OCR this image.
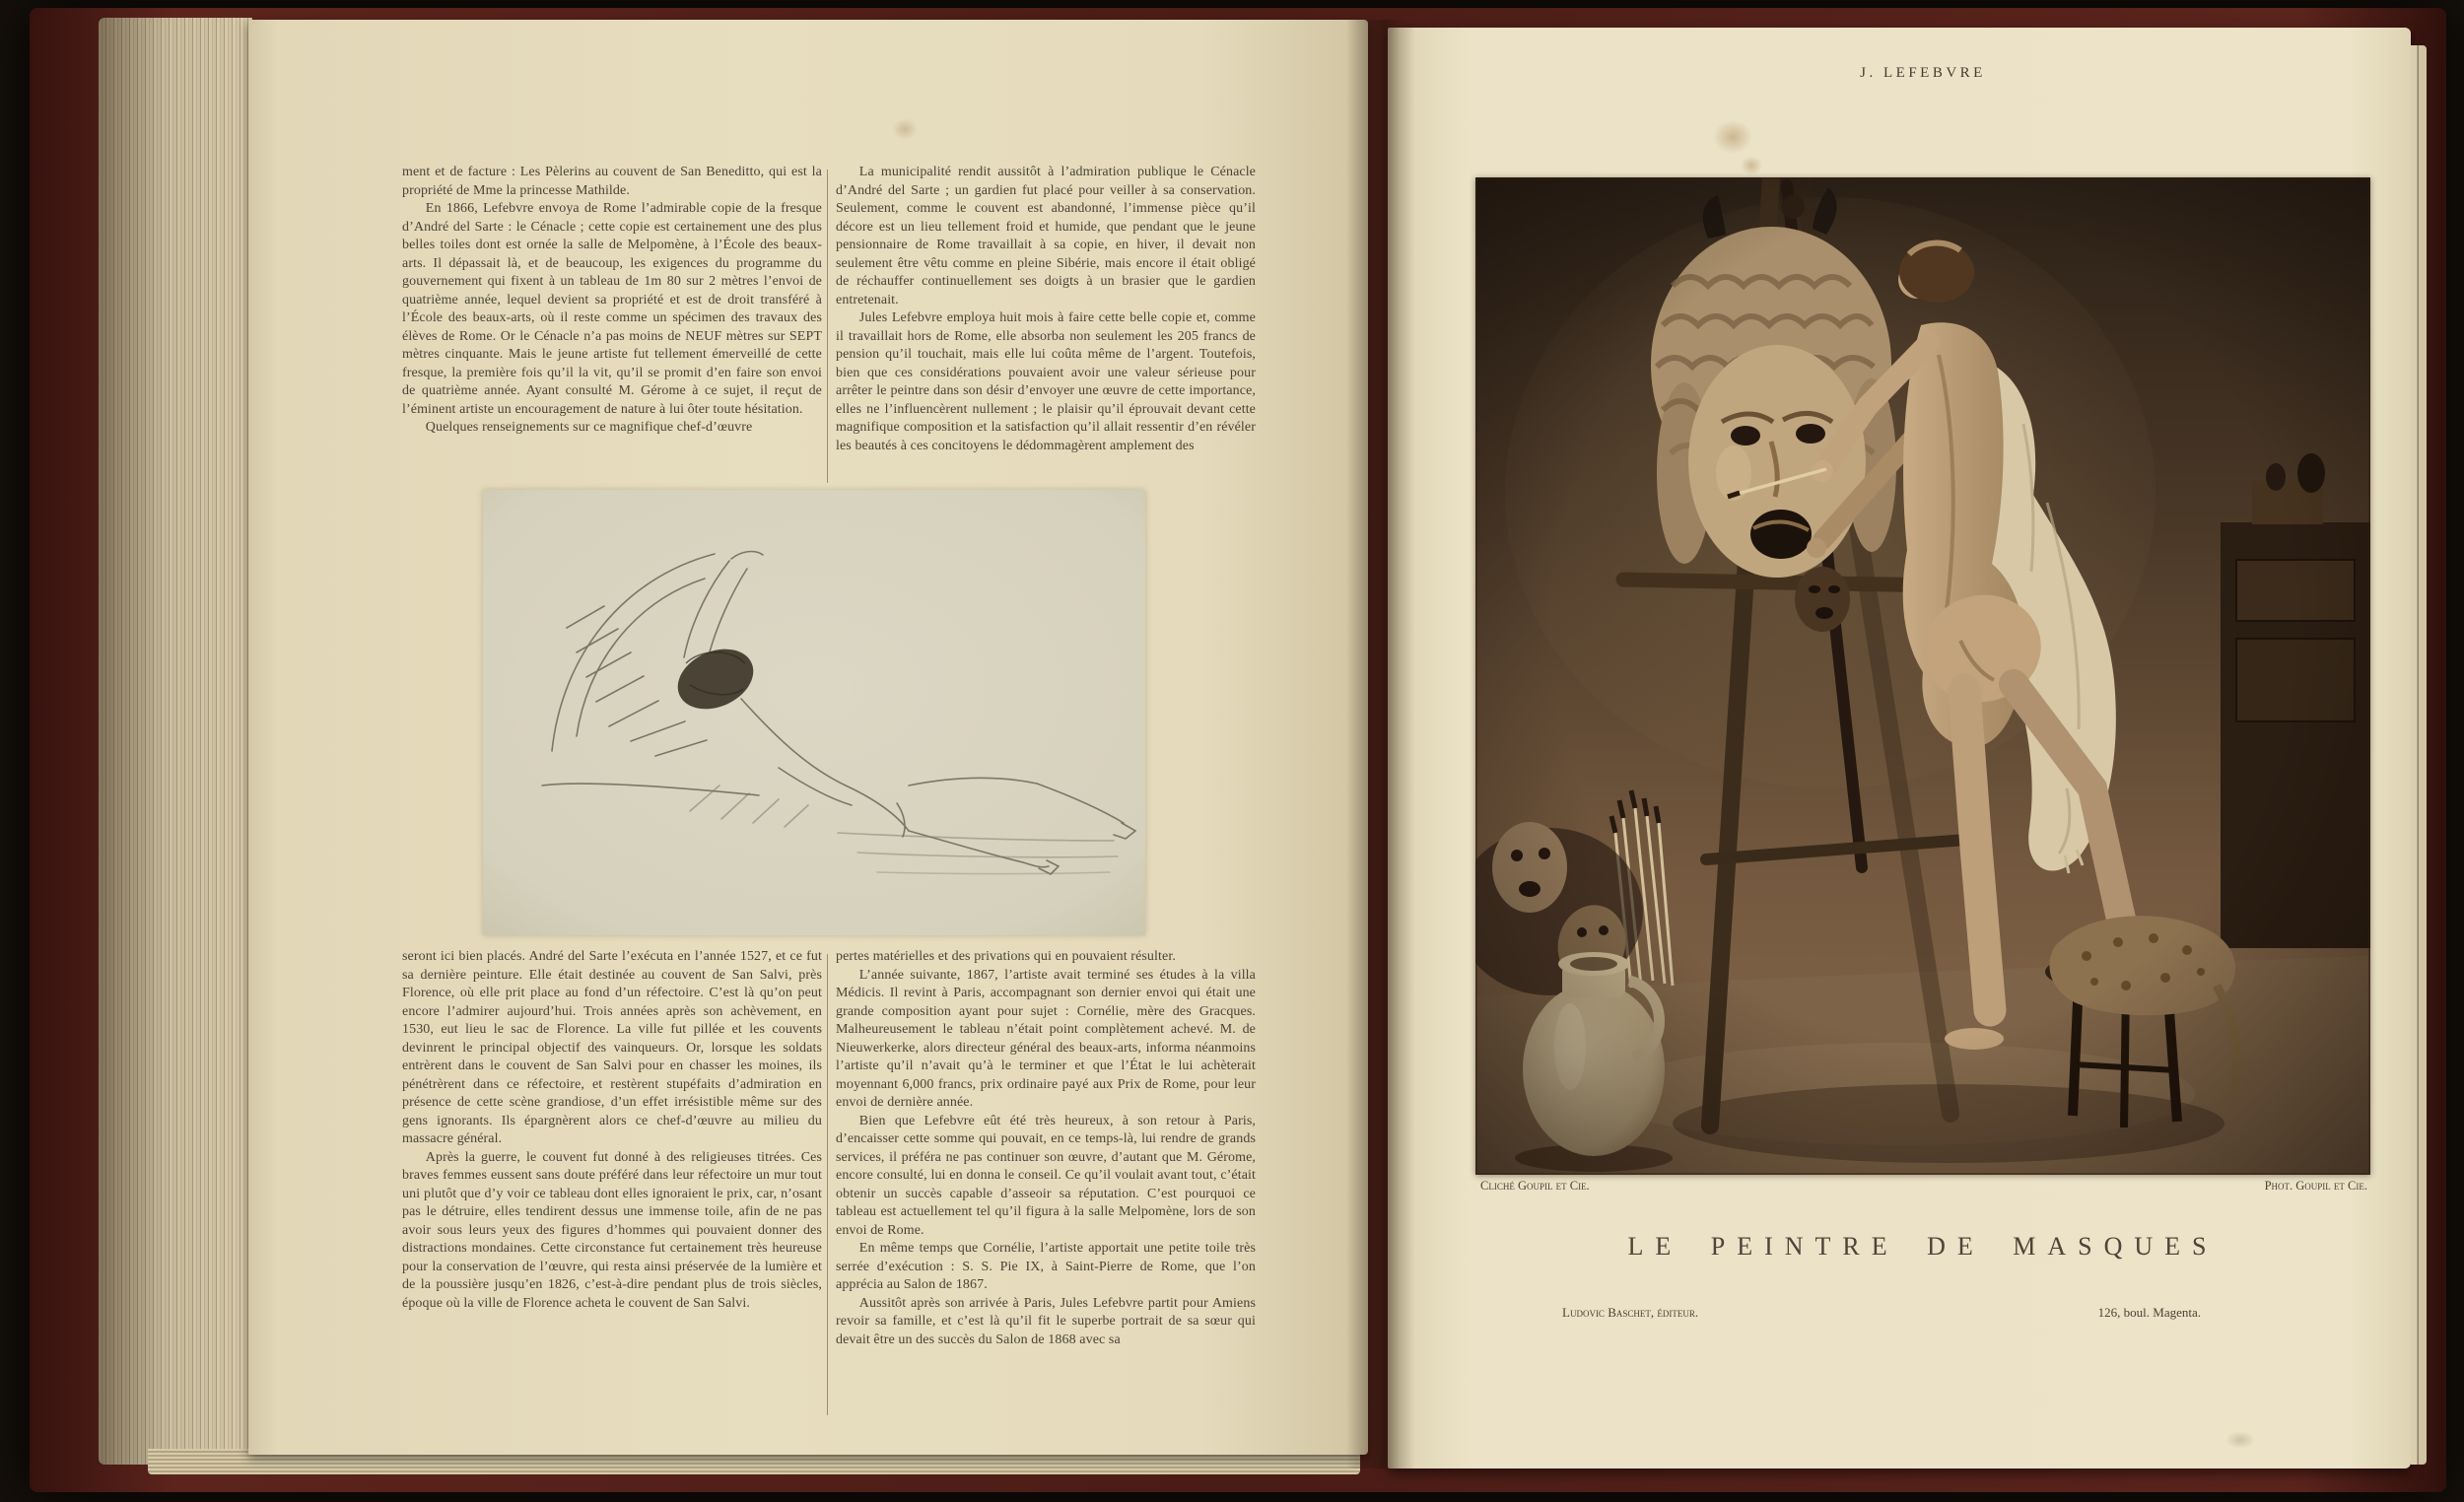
ment et de facture : Les Pèlerins au couvent de San Beneditto, qui est la propriété de Mme la princesse Mathilde.

En 1866, Lefebvre envoya de Rome l’admirable copie de la fresque d’André del Sarte : le Cénacle ; cette copie est certainement une des plus belles toiles dont est ornée la salle de Melpomène, à l’École des beaux-arts. Il dépassait là, et de beaucoup, les exigences du programme du gouvernement qui fixent à un tableau de 1m 80 sur 2 mètres l’envoi de quatrième année, lequel devient sa propriété et est de droit transféré à l’École des beaux-arts, où il reste comme un spécimen des travaux des élèves de Rome. Or le Cénacle n’a pas moins de NEUF mètres sur SEPT mètres cinquante. Mais le jeune artiste fut tellement émerveillé de cette fresque, la première fois qu’il la vit, qu’il se promit d’en faire son envoi de quatrième année. Ayant consulté M. Gérome à ce sujet, il reçut de l’éminent artiste un encouragement de nature à lui ôter toute hésitation.

Quelques renseignements sur ce magnifique chef-d’œuvre

La municipalité rendit aussitôt à l’admiration publique le Cénacle d’André del Sarte ; un gardien fut placé pour veiller à sa conservation. Seulement, comme le couvent est abandonné, l’immense pièce qu’il décore est un lieu tellement froid et humide, que pendant que le jeune pensionnaire de Rome travaillait à sa copie, en hiver, il devait non seulement être vêtu comme en pleine Sibérie, mais encore il était obligé de réchauffer continuellement ses doigts à un brasier que le gardien entretenait.

Jules Lefebvre employa huit mois à faire cette belle copie et, comme il travaillait hors de Rome, elle absorba non seulement les 205 francs de pension qu’il touchait, mais elle lui coûta même de l’argent. Toutefois, bien que ces considérations pouvaient avoir une valeur sérieuse pour arrêter le peintre dans son désir d’envoyer une œuvre de cette importance, elles ne l’influencèrent nullement ; le plaisir qu’il éprouvait devant cette magnifique composition et la satisfaction qu’il allait ressentir d’en révéler les beautés à ces concitoyens le dédommagèrent amplement des

seront ici bien placés. André del Sarte l’exécuta en l’année 1527, et ce fut sa dernière peinture. Elle était destinée au couvent de San Salvi, près Florence, où elle prit place au fond d’un réfectoire. C’est là qu’on peut encore l’admirer aujourd’hui. Trois années après son achèvement, en 1530, eut lieu le sac de Florence. La ville fut pillée et les couvents devinrent le principal objectif des vainqueurs. Or, lorsque les soldats entrèrent dans le couvent de San Salvi pour en chasser les moines, ils pénétrèrent dans ce réfectoire, et restèrent stupéfaits d’admiration en présence de cette scène grandiose, d’un effet irrésistible même sur des gens ignorants. Ils épargnèrent alors ce chef-d’œuvre au milieu du massacre général.

Après la guerre, le couvent fut donné à des religieuses titrées. Ces braves femmes eussent sans doute préféré dans leur réfectoire un mur tout uni plutôt que d’y voir ce tableau dont elles ignoraient le prix, car, n’osant pas le détruire, elles tendirent dessus une immense toile, afin de ne pas avoir sous leurs yeux des figures d’hommes qui pouvaient donner des distractions mondaines. Cette circonstance fut certainement très heureuse pour la conservation de l’œuvre, qui resta ainsi préservée de la lumière et de la poussière jusqu’en 1826, c’est-à-dire pendant plus de trois siècles, époque où la ville de Florence acheta le couvent de San Salvi.

pertes matérielles et des privations qui en pouvaient résulter.

L’année suivante, 1867, l’artiste avait terminé ses études à la villa Médicis. Il revint à Paris, accompagnant son dernier envoi qui était une grande composition ayant pour sujet : Cornélie, mère des Gracques. Malheureusement le tableau n’était point complètement achevé. M. de Nieuwerkerke, alors directeur général des beaux-arts, informa néanmoins l’artiste qu’il n’avait qu’à le terminer et que l’État le lui achèterait moyennant 6,000 francs, prix ordinaire payé aux Prix de Rome, pour leur envoi de dernière année.

Bien que Lefebvre eût été très heureux, à son retour à Paris, d’encaisser cette somme qui pouvait, en ce temps-là, lui rendre de grands services, il préféra ne pas continuer son œuvre, d’autant que M. Gérome, encore consulté, lui en donna le conseil. Ce qu’il voulait avant tout, c’était obtenir un succès capable d’asseoir sa réputation. C’est pourquoi ce tableau est actuellement tel qu’il figura à la salle Melpomène, lors de son envoi de Rome.

En même temps que Cornélie, l’artiste apportait une petite toile très serrée d’exécution : S. S. Pie IX, à Saint-Pierre de Rome, que l’on apprécia au Salon de 1867.

Aussitôt après son arrivée à Paris, Jules Lefebvre partit pour Amiens revoir sa famille, et c’est là qu’il fit le superbe portrait de sa sœur qui devait être un des succès du Salon de 1868 avec sa

J. LEFEBVRE
Cliché Goupil et Cie.	Phot. Goupil et Cie.
LE PEINTRE DE MASQUES
Ludovic Baschet, éditeur.	126, boul. Magenta.
